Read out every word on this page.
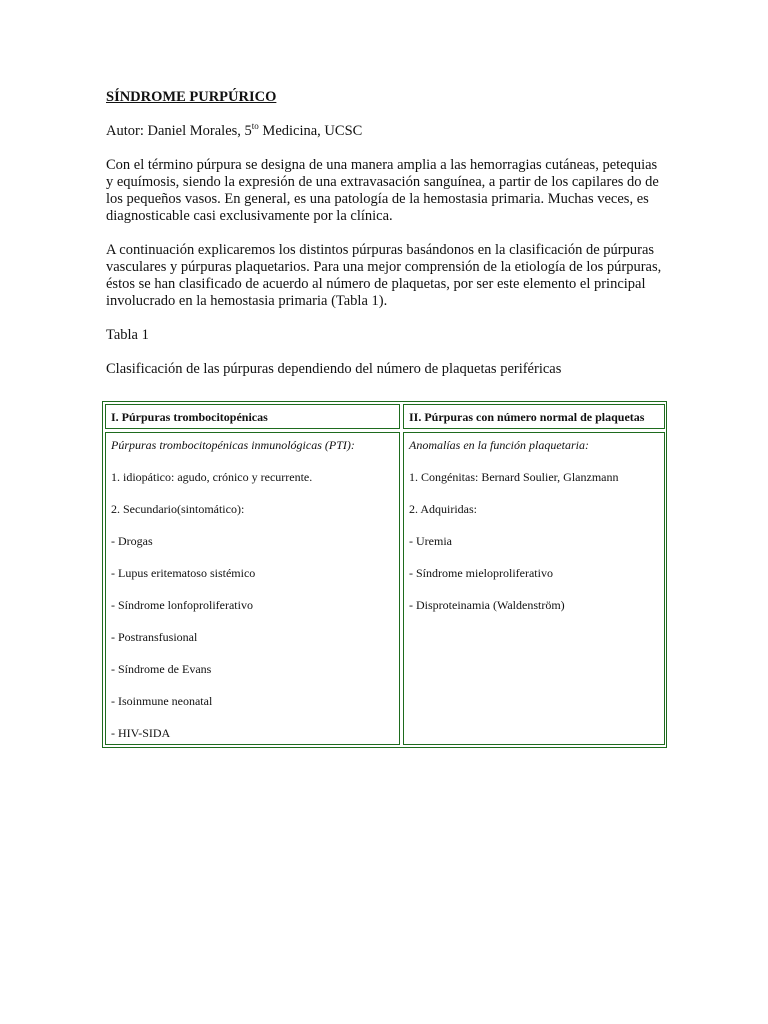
SÍNDROME PURPÚRICO

Autor: Daniel Morales, $5^{to}$ Medicina, UCSC

Con el término púrpura se designa de una manera amplia a las hemorragias cutáneas, petequias y equímosis, siendo la expresión de una extravasación sanguínea, a partir de los capilares do de los pequeños vasos. En general, es una patología de la hemostasia primaria. Muchas veces, es diagnosticable casi exclusivamente por la clínica.

A continuación explicaremos los distintos púrpuras basándonos en la clasificación de púrpuras vasculares y púrpuras plaquetarios. Para una mejor comprensión de la etiología de los púrpuras, éstos se han clasificado de acuerdo al número de plaquetas, por ser este elemento el principal involucrado en la hemostasia primaria (Tabla 1).

Tabla 1

Clasificación de las púrpuras dependiendo del número de plaquetas periféricas

I. Púrpuras trombocitopénicas	II. Púrpuras con número normal de plaquetas

Púrpuras trombocitopénicas inmunológicas (PTI):

1. idiopático: agudo, crónico y recurrente.

2. Secundario(sintomático):

- Drogas

- Lupus eritematoso sistémico

- Síndrome lonfoproliferativo

- Postransfusional

- Síndrome de Evans

- Isoinmune neonatal

- HIV-SIDA

Anomalías en la función plaquetaria:

1. Congénitas: Bernard Soulier, Glanzmann

2. Adquiridas:

- Uremia

- Síndrome mieloproliferativo

- Disproteinamia (Waldenström)
